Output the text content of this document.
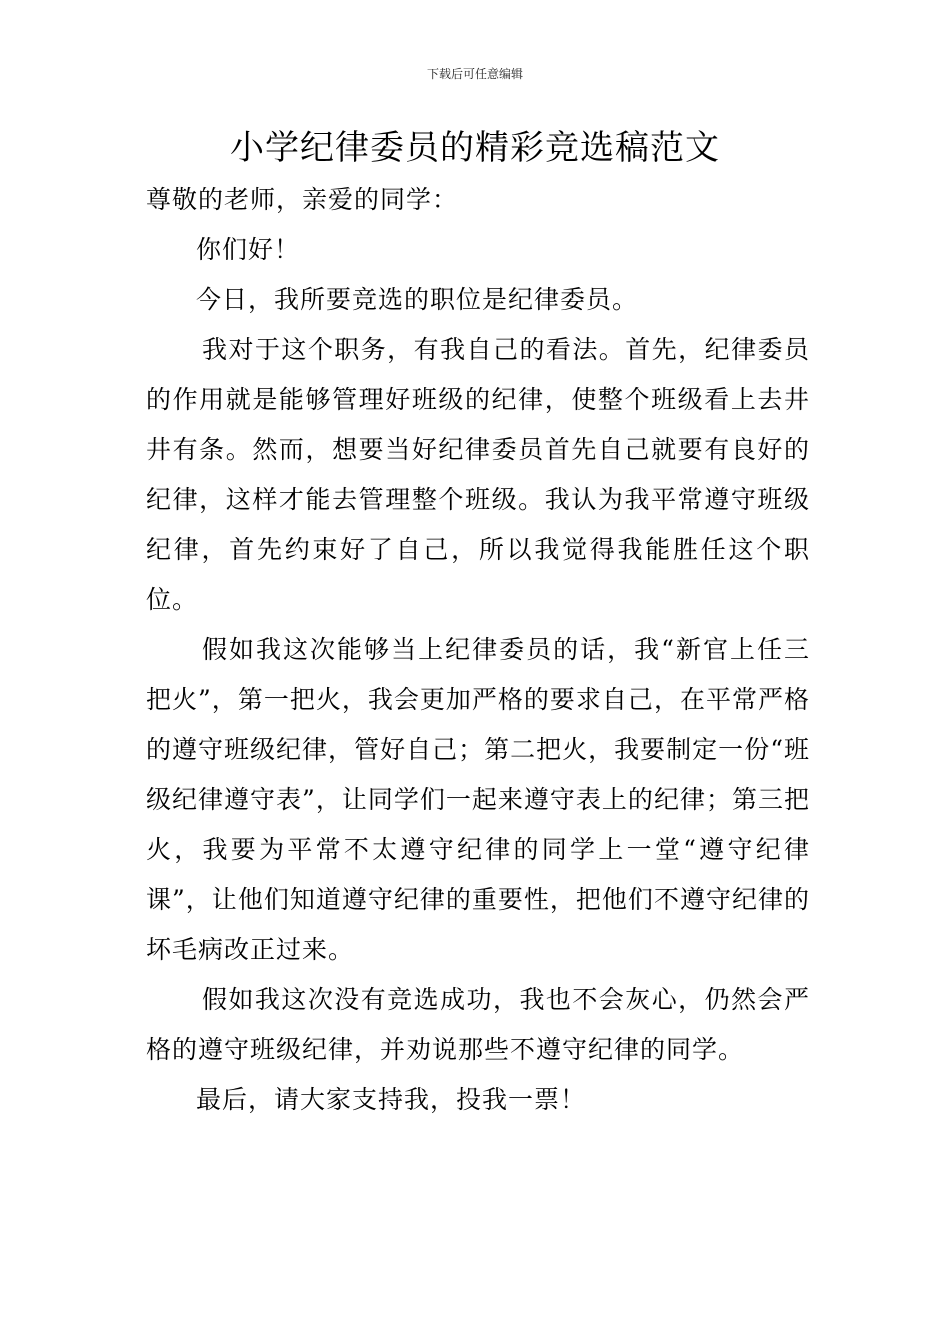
下载后可任意编辑
小学纪律委员的精彩竞选稿范文

尊敬的老师，亲爱的同学：

你们好！

今日，我所要竞选的职位是纪律委员。

我对于这个职务，有我自己的看法。首先，纪律委员的作用就是能够管理好班级的纪律，使整个班级看上去井井有条。然而，想要当好纪律委员首先自己就要有良好的纪律，这样才能去管理整个班级。我认为我平常遵守班级纪律，首先约束好了自己，所以我觉得我能胜任这个职位。

假如我这次能够当上纪律委员的话，我“新官上任三把火”，第一把火，我会更加严格的要求自己，在平常严格的遵守班级纪律，管好自己；第二把火，我要制定一份“班级纪律遵守表”，让同学们一起来遵守表上的纪律；第三把火，我要为平常不太遵守纪律的同学上一堂“遵守纪律课”，让他们知道遵守纪律的重要性，把他们不遵守纪律的坏毛病改正过来。

假如我这次没有竞选成功，我也不会灰心，仍然会严格的遵守班级纪律，并劝说那些不遵守纪律的同学。

最后，请大家支持我，投我一票！
